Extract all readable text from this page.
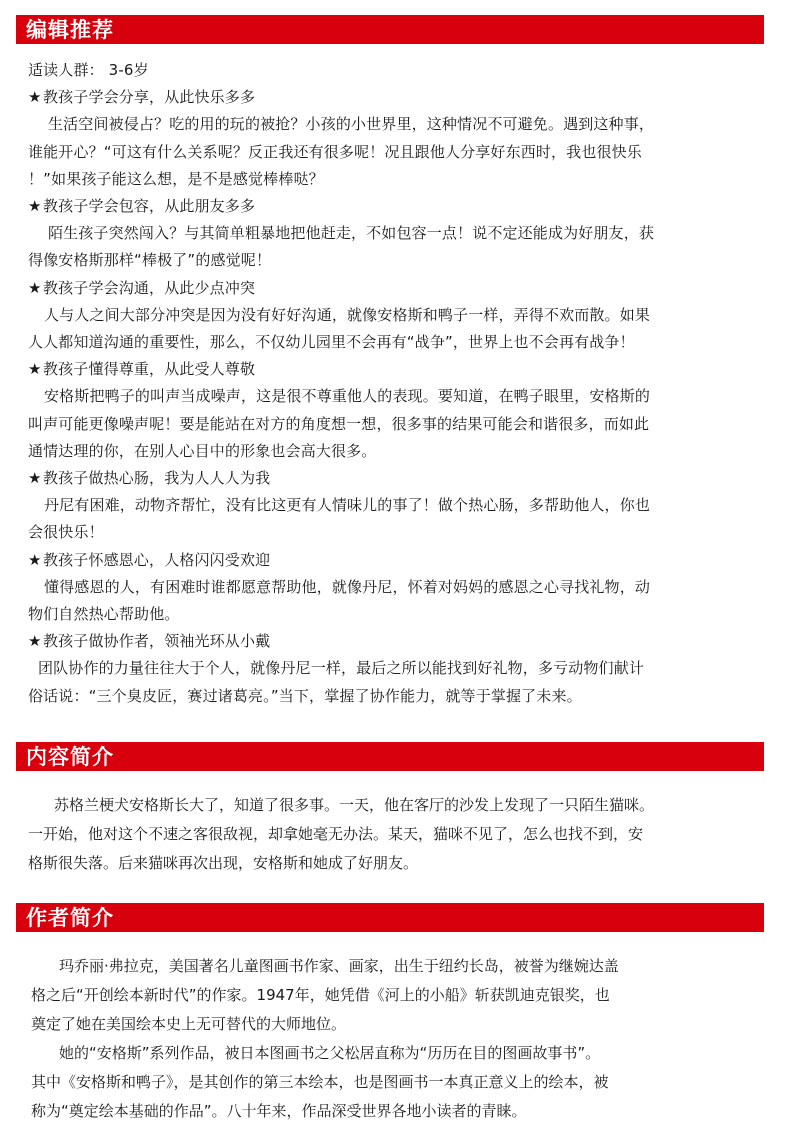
编辑推荐

适读人群： 3-6岁

★教孩子学会分享，从此快乐多多

生活空间被侵占？吃的用的玩的被抢？小孩的小世界里，这种情况不可避免。遇到这种事，

谁能开心？“可这有什么关系呢？反正我还有很多呢！况且跟他人分享好东西时，我也很快乐

！”如果孩子能这么想，是不是感觉棒棒哒？

★教孩子学会包容，从此朋友多多

陌生孩子突然闯入？与其简单粗暴地把他赶走，不如包容一点！说不定还能成为好朋友，获

得像安格斯那样“棒极了”的感觉呢！

★教孩子学会沟通，从此少点冲突

人与人之间大部分冲突是因为没有好好沟通，就像安格斯和鸭子一样，弄得不欢而散。如果

人人都知道沟通的重要性，那么，不仅幼儿园里不会再有“战争”，世界上也不会再有战争！

★教孩子懂得尊重，从此受人尊敬

安格斯把鸭子的叫声当成噪声，这是很不尊重他人的表现。要知道，在鸭子眼里，安格斯的

叫声可能更像噪声呢！要是能站在对方的角度想一想，很多事的结果可能会和谐很多，而如此

通情达理的你，在别人心目中的形象也会高大很多。

★教孩子做热心肠，我为人人人为我

丹尼有困难，动物齐帮忙，没有比这更有人情味儿的事了！做个热心肠，多帮助他人，你也

会很快乐！

★教孩子怀感恩心，人格闪闪受欢迎

懂得感恩的人，有困难时谁都愿意帮助他，就像丹尼，怀着对妈妈的感恩之心寻找礼物，动

物们自然热心帮助他。

★教孩子做协作者，领袖光环从小戴

团队协作的力量往往大于个人，就像丹尼一样，最后之所以能找到好礼物，多亏动物们献计

俗话说：“三个臭皮匠，赛过诸葛亮。”当下，掌握了协作能力，就等于掌握了未来。

内容简介

苏格兰梗犬安格斯长大了，知道了很多事。一天，他在客厅的沙发上发现了一只陌生猫咪。

一开始，他对这个不速之客很敌视，却拿她毫无办法。某天，猫咪不见了，怎么也找不到，安

格斯很失落。后来猫咪再次出现，安格斯和她成了好朋友。

作者简介

玛乔丽·弗拉克，美国著名儿童图画书作家、画家，出生于纽约长岛，被誉为继婉达盖

格之后“开创绘本新时代”的作家。1947年，她凭借《河上的小船》斩获凯迪克银奖，也

奠定了她在美国绘本史上无可替代的大师地位。

她的“安格斯”系列作品，被日本图画书之父松居直称为“历历在目的图画故事书”。

其中《安格斯和鸭子》，是其创作的第三本绘本，也是图画书一本真正意义上的绘本，被

称为“奠定绘本基础的作品”。八十年来，作品深受世界各地小读者的青睐。
